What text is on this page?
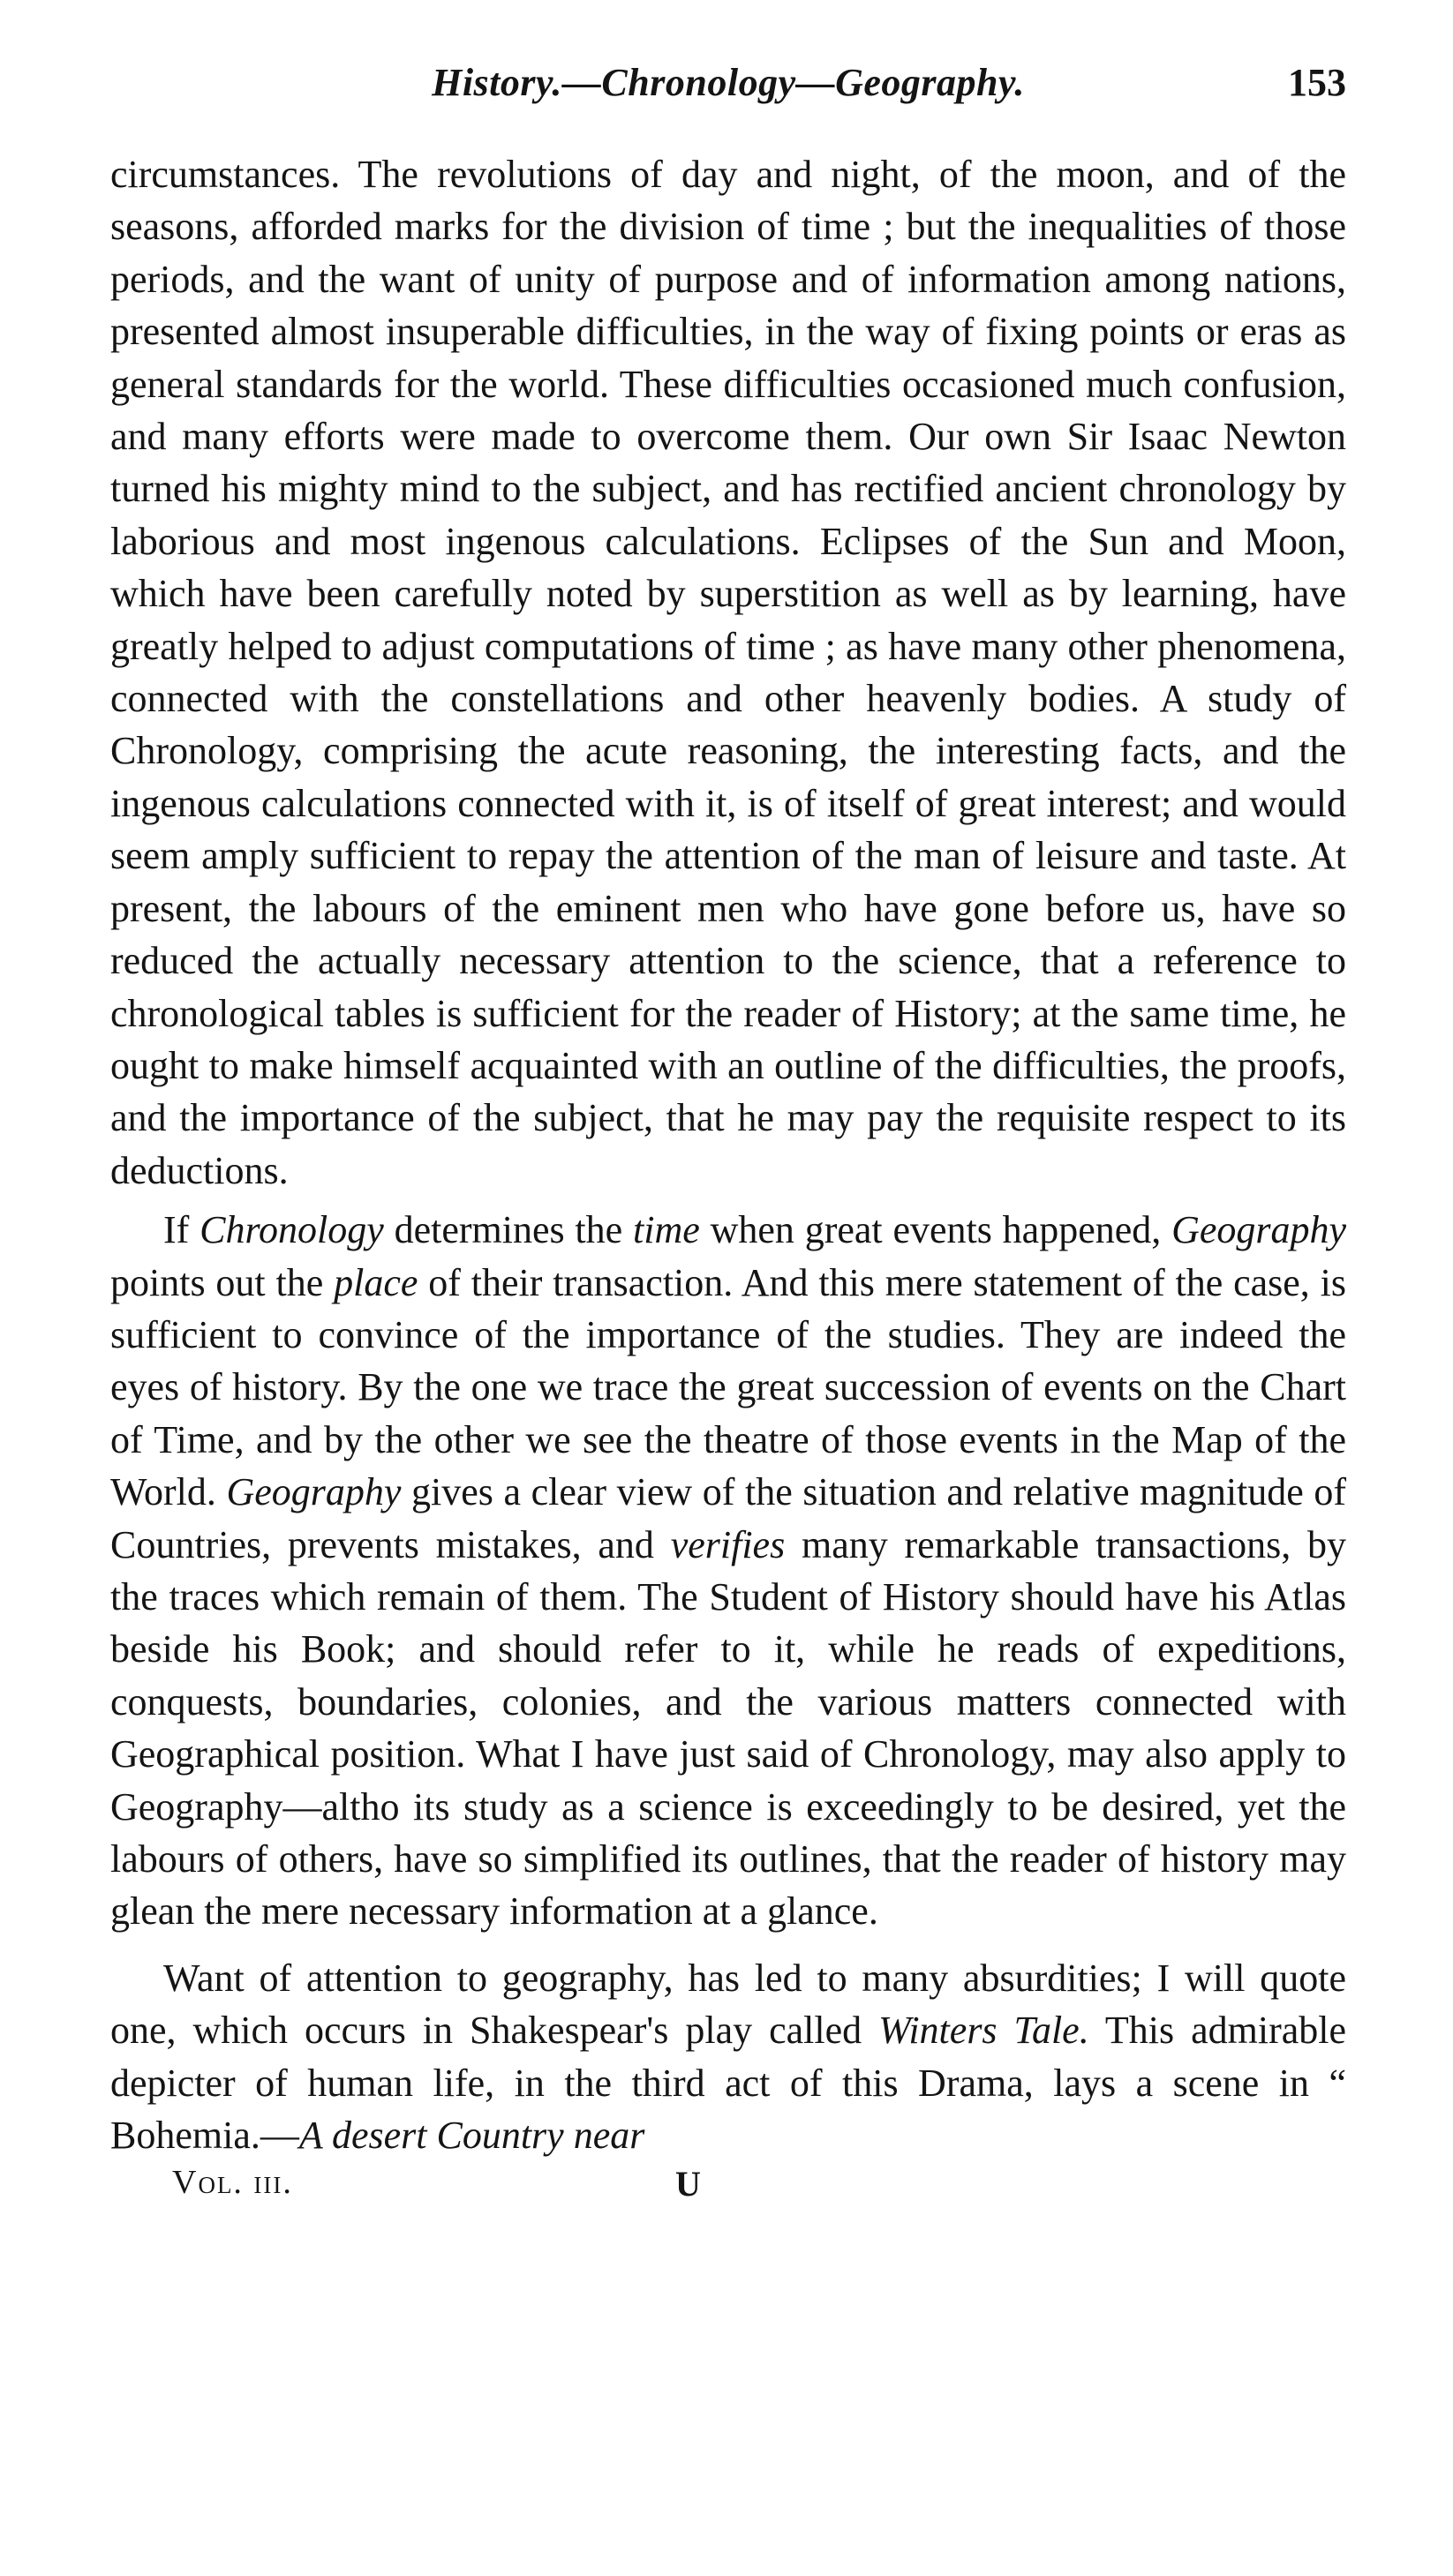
History.—Chronology—Geography.	153

circumstances. The revolutions of day and night, of the moon, and of the seasons, afforded marks for the division of time ; but the inequalities of those periods, and the want of unity of purpose and of information among nations, presented almost insuperable difficulties, in the way of fixing points or eras as general standards for the world. These difficulties occasioned much confusion, and many efforts were made to overcome them. Our own Sir Isaac Newton turned his mighty mind to the subject, and has rectified ancient chronology by laborious and most ingenous calculations. Eclipses of the Sun and Moon, which have been carefully noted by superstition as well as by learning, have greatly helped to adjust computations of time ; as have many other phenomena, connected with the constellations and other heavenly bodies. A study of Chronology, comprising the acute reasoning, the interesting facts, and the ingenous calculations connected with it, is of itself of great interest; and would seem amply sufficient to repay the attention of the man of leisure and taste. At present, the labours of the eminent men who have gone before us, have so reduced the actually necessary attention to the science, that a reference to chronological tables is sufficient for the reader of History; at the same time, he ought to make himself acquainted with an outline of the difficulties, the proofs, and the importance of the subject, that he may pay the requisite respect to its deductions.

If Chronology determines the time when great events happened, Geography points out the place of their transaction. And this mere statement of the case, is sufficient to convince of the importance of the studies. They are indeed the eyes of history. By the one we trace the great succession of events on the Chart of Time, and by the other we see the theatre of those events in the Map of the World. Geography gives a clear view of the situation and relative magnitude of Countries, prevents mistakes, and verifies many remarkable transactions, by the traces which remain of them. The Student of History should have his Atlas beside his Book; and should refer to it, while he reads of expeditions, conquests, boundaries, colonies, and the various matters connected with Geographical position. What I have just said of Chronology, may also apply to Geography—altho its study as a science is exceedingly to be desired, yet the labours of others, have so simplified its outlines, that the reader of history may glean the mere necessary information at a glance.

Want of attention to geography, has led to many absurdities; I will quote one, which occurs in Shakespear's play called Winters Tale. This admirable depicter of human life, in the third act of this Drama, lays a scene in “ Bohemia.—A desert Country near

Vol. iii.	U
